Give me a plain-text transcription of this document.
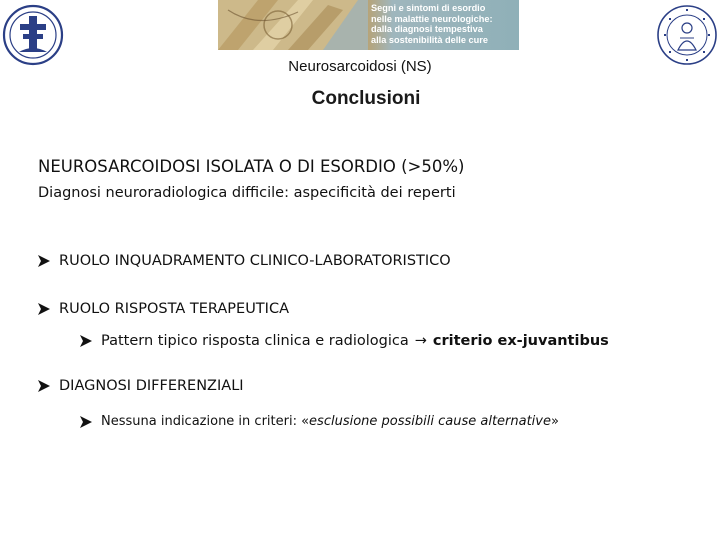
Segni e sintomi di esordio
nelle malattie neurologiche:
dalla diagnosi tempestiva
alla sostenibilità delle cure
Neurosarcoidosi (NS)
Conclusioni
NEUROSARCOIDOSI ISOLATA O DI ESORDIO (>50%)
Diagnosi neuroradiologica difficile: aspecificità dei reperti
RUOLO INQUADRAMENTO CLINICO-LABORATORISTICO
RUOLO RISPOSTA TERAPEUTICA
Pattern tipico risposta clinica e radiologica → criterio ex-juvantibus
DIAGNOSI DIFFERENZIALI
Nessuna indicazione in criteri: « esclusione possibili cause alternative »
